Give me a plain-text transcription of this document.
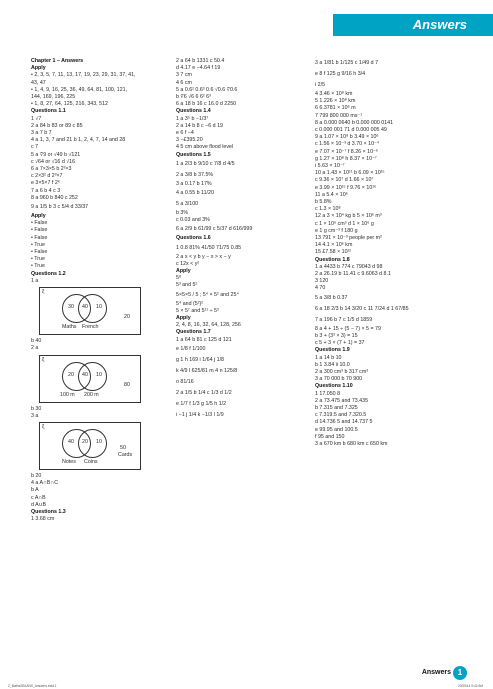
Answers
Chapter 1 – Answers
Apply
• 2, 3, 5, 7, 11, 13, 17, 19, 23, 29, 31, 37, 41,
43, 47
• 1, 4, 9, 16, 25, 36, 49, 64, 81, 100, 121,
144, 169, 196, 225
• 1, 8, 27, 64, 125, 216, 343, 512
Questions 1.1
1 √7
2 a 84 b 83 or 89 c 85
3 a 7 b 7
4 a 1, 3, 7 and 21 b 1, 2, 4, 7, 14 and 28
c 7
5 a ∛9 or √49 b √121
c √64 or √16 d √16
6 a 7×3×5 b 2²×3
c 2×3² d 2³×7
e 3×5×7 f 2⁶
7 a 6 b 4 c 3
8 a 960 b 840 c 252
9 a 1/5 b 3 c 5/4 d 33/37
Apply
• False
• False
• False
• True
• False
• True
• True
Questions 1.2
1 a
ξ
30 40 10
20
Maths French
b 40
2 a
ξ
20 40 10
80
100 m 200 m
b 30
3 a
ξ
40 20 10
50
Cards
Notes Coins
b 20
4 a A∩B∩C
b A
c A∩B
d A∪B
Questions 1.3
1 3.68 cm
2 a 64 b 1331 c 50.4
d 4.17 e −4.64 f 19
3 7 cm
4 6 cm
5 a 0.6² 0.6³ 0.6 √0.6 ∛0.6
b ∛6 √6 6 6² 6³
6 a 18 b 16 c 16.0 d 2250
Questions 1.4
1 a 3⁵ b −1/3⁷
2 a 14 b 8 c −6 d 19
e 6 f −4
3 −£395.20
4 5 cm above flood level
Questions 1.5
1 a 2/3 b 9/10 c 7/8 d 4/5
2 a 3/8 b 37.5%
3 a 0.17 b 17%
4 a 0.55 b 11/20
5 a 3/100
b 3%
c 0.03 and 3%
6 a 2/9 b 61/99 c 5/37 d 616/999
Questions 1.6
1 0.8 81% 41/50 71/75 0.85
2 a x < y b y − x > x − y
c 12x < y²
Apply
5⁸
5³ and 5⁵
5×5×5 / 5 ; 5⁴ × 5² and 25⁴
5⁴ and (5²)²
5 × 5⁷ and 5¹¹ ÷ 5³
Apply
2, 4, 8, 16, 32, 64, 128, 256
Questions 1.7
1 a 64 b 81 c 125 d 121
e 1/8 f 1/100
g 1 h 169 i 1/64 j 1/8
k 4/9 l 625/81 m 4 n 125/8
o 81/16
2 a 1/5 b 1/4 c 1/3 d 1/2
e 1/7 f 1/3 g 1/5 h 1/2
i −1 j 1/4 k −1/3 l 1/9
3 a 1/81 b 1/125 c 1/49 d 7
e 8 f 125 g 9/16 h 3/4
i 2/5
4 3.46 × 10⁸ km
5 1.226 × 10⁸ km
6 6.3781 × 10⁶ m
7 799 800 000 ms⁻¹
8 a 0.000 0640 b 0.000 000 0141
c 0.000 001 71 d 0.000 005 49
9 a 1.07 × 10⁸ b 3.49 × 10⁶
c 1.56 × 10⁻³ d 3.70 × 10⁻⁴
e 7.07 × 10⁻⁷ f 8.26 × 10⁻⁶
g 1.27 × 10⁸ h 8.37 × 10⁻⁷
i 5.63 × 10⁻⁷
10 a 1.43 × 10¹¹ b 6.09 × 10¹⁵
c 9.36 × 10⁷ d 1.66 × 10⁷
e 3.99 × 10¹⁵ f 9.76 × 10¹⁶
11 a 5.4 × 10⁶
b 5.8%
c 1.3 × 10⁸
12 a 3 × 10⁴ kg b 5 × 10⁶ m³
c 1 × 10⁶ cm³ d 1 × 10⁶ g
e 1 g cm⁻³ f 180 g
13 791 × 10⁻³ people per m²
14 4.1 × 10⁶ km
15 £7.58 × 10¹²
Questions 1.8
1 a 4433 b 774 c 79043 d 98
2 a 26.19 b 11.41 c 9.6063 d 8.1
3 120
4 70
5 a 3/8 b 0.37
6 a 18 2/3 b 14 3/20 c 11 7/24 d 1 67/85
7 a 196 b 7 c 1/5 d 1859
8 a 4 + 15 ÷ (5 − 7) × 5 = 79
b 3 + (3³ × 3) = 15
c 5 + 3 × (7 + 1) = 37
Questions 1.9
1 a 14 b 10
b 1 3.84 ii 10.0
2 a 300 cm³ b 317 cm³
3 a 70 000 b 70 900
Questions 1.10
1 17.050 8
2 a 73.475 and 73.435
b 7.315 and 7.325
c 7.319.5 and 7.320.5
d 14.736 5 and 14.737 5
e 99.95 and 100.5
f 95 and 150
3 a 670 km b 680 km c 650 km
Answers 1
Z_MathsSB1ANS_Answers.indd 1	20/05/14 9:42 AM
